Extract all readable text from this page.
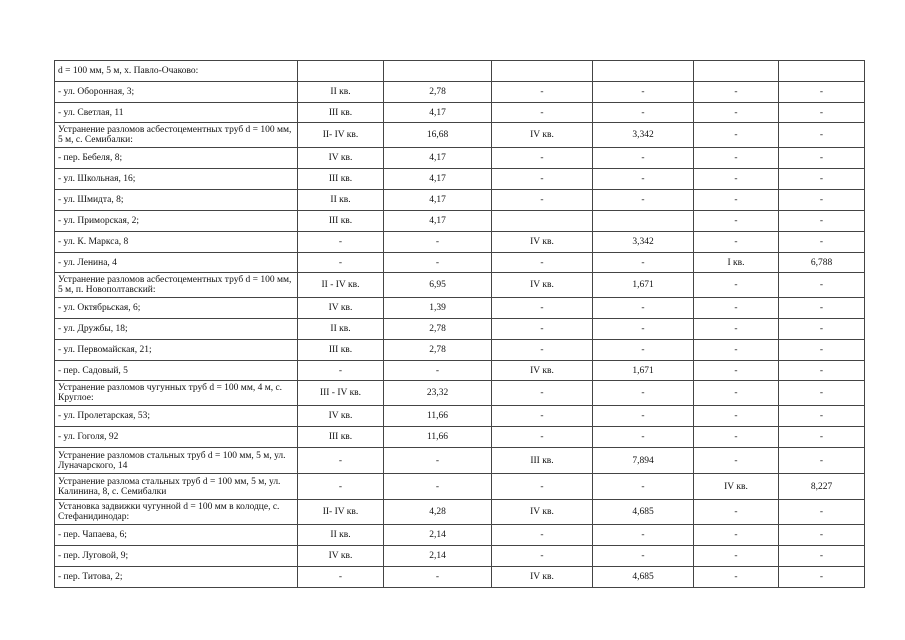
d = 100 мм, 5 м, х. Павло-Очаково:						
- ул. Оборонная, 3;	II кв.	2,78	-	-	-	-
- ул. Светлая, 11	III кв.	4,17	-	-	-	-
Устранение разломов асбестоцементных труб d = 100 мм, 5 м, с. Семибалки:	II- IV кв.	16,68	IV кв.	3,342	-	-
- пер. Бебеля, 8;	IV кв.	4,17	-	-	-	-
- ул. Школьная, 16;	III кв.	4,17	-	-	-	-
- ул. Шмидта, 8;	II кв.	4,17	-	-	-	-
- ул. Приморская, 2;	III кв.	4,17			-	-
- ул. К. Маркса, 8	-	-	IV кв.	3,342	-	-
- ул. Ленина, 4	-	-	-	-	I кв.	6,788
Устранение разломов асбестоцементных труб d = 100 мм, 5 м, п. Новополтавский:	II - IV кв.	6,95	IV кв.	1,671	-	-
- ул. Октябрьская, 6;	IV кв.	1,39	-	-	-	-
- ул. Дружбы, 18;	II кв.	2,78	-	-	-	-
- ул. Первомайская, 21;	III кв.	2,78	-	-	-	-
- пер. Садовый, 5	-	-	IV кв.	1,671	-	-
Устранение разломов чугунных труб d = 100 мм, 4 м, с. Круглое:	III - IV кв.	23,32	-	-	-	-
- ул. Пролетарская, 53;	IV кв.	11,66	-	-	-	-
- ул. Гоголя, 92	III кв.	11,66	-	-	-	-
Устранение разломов стальных труб d = 100 мм, 5 м, ул. Луначарского, 14	-	-	III кв.	7,894	-	-
Устранение разлома стальных труб d = 100 мм, 5 м, ул. Калинина, 8, с. Семибалки	-	-	-	-	IV кв.	8,227
Установка задвижки чугунной d = 100 мм в колодце, с. Стефанидинодар:	II- IV кв.	4,28	IV кв.	4,685	-	-
- пер. Чапаева, 6;	II кв.	2,14	-	-	-	-
- пер. Луговой, 9;	IV кв.	2,14	-	-	-	-
- пер. Титова, 2;	-	-	IV кв.	4,685	-	-
